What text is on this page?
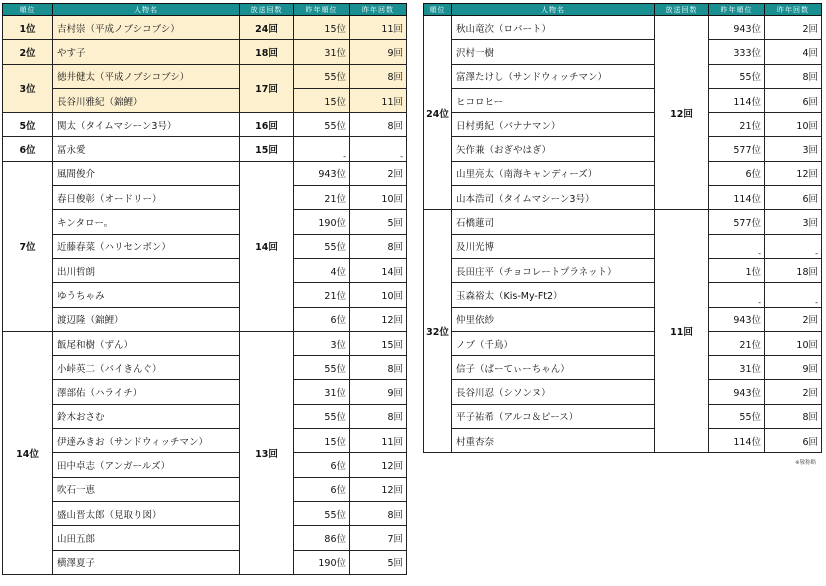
順位	人物名	放送回数	昨年順位	昨年回数
1位	吉村崇（平成ノブシコブシ）	24回	15位	11回
2位	やす子	18回	31位	9回
3位	徳井健太（平成ノブシコブシ）	17回	55位	8回
	長谷川雅紀（錦鯉）		15位	11回
5位	関太（タイムマシーン3号）	16回	55位	8回
6位	冨永愛	15回	-	-
7位	風間俊介	14回	943位	2回
	春日俊彰（オードリー）		21位	10回
	キンタロー。		190位	5回
	近藤春菜（ハリセンボン）		55位	8回
	出川哲朗		4位	14回
	ゆうちゃみ		21位	10回
	渡辺隆（錦鯉）		6位	12回
14位	飯尾和樹（ずん）	13回	3位	15回
	小峠英二（バイきんぐ）		55位	8回
	澤部佑（ハライチ）		31位	9回
	鈴木おさむ		55位	8回
	伊達みきお（サンドウィッチマン）		15位	11回
	田中卓志（アンガールズ）		6位	12回
	吹石一恵		6位	12回
	盛山晋太郎（見取り図）		55位	8回
	山田五郎		86位	7回
	横澤夏子		190位	5回
順位	人物名	放送回数	昨年順位	昨年回数
24位	秋山竜次（ロバート）	12回	943位	2回
	沢村一樹		333位	4回
	富澤たけし（サンドウィッチマン）		55位	8回
	ヒコロヒー		114位	6回
	日村勇紀（バナナマン）		21位	10回
	矢作兼（おぎやはぎ）		577位	3回
	山里亮太（南海キャンディーズ）		6位	12回
	山本浩司（タイムマシーン3号）		114位	6回
32位	石橋蓮司	11回	577位	3回
	及川光博		-	-
	長田庄平（チョコレートプラネット）		1位	18回
	玉森裕太（Kis-My-Ft2）		-	-
	仲里依紗		943位	2回
	ノブ（千鳥）		21位	10回
	信子（ぱーてぃーちゃん）		31位	9回
	長谷川忍（シソンヌ）		943位	2回
	平子祐希（アルコ＆ピース）		55位	8回
	村重杏奈		114位	6回
※敬称略
